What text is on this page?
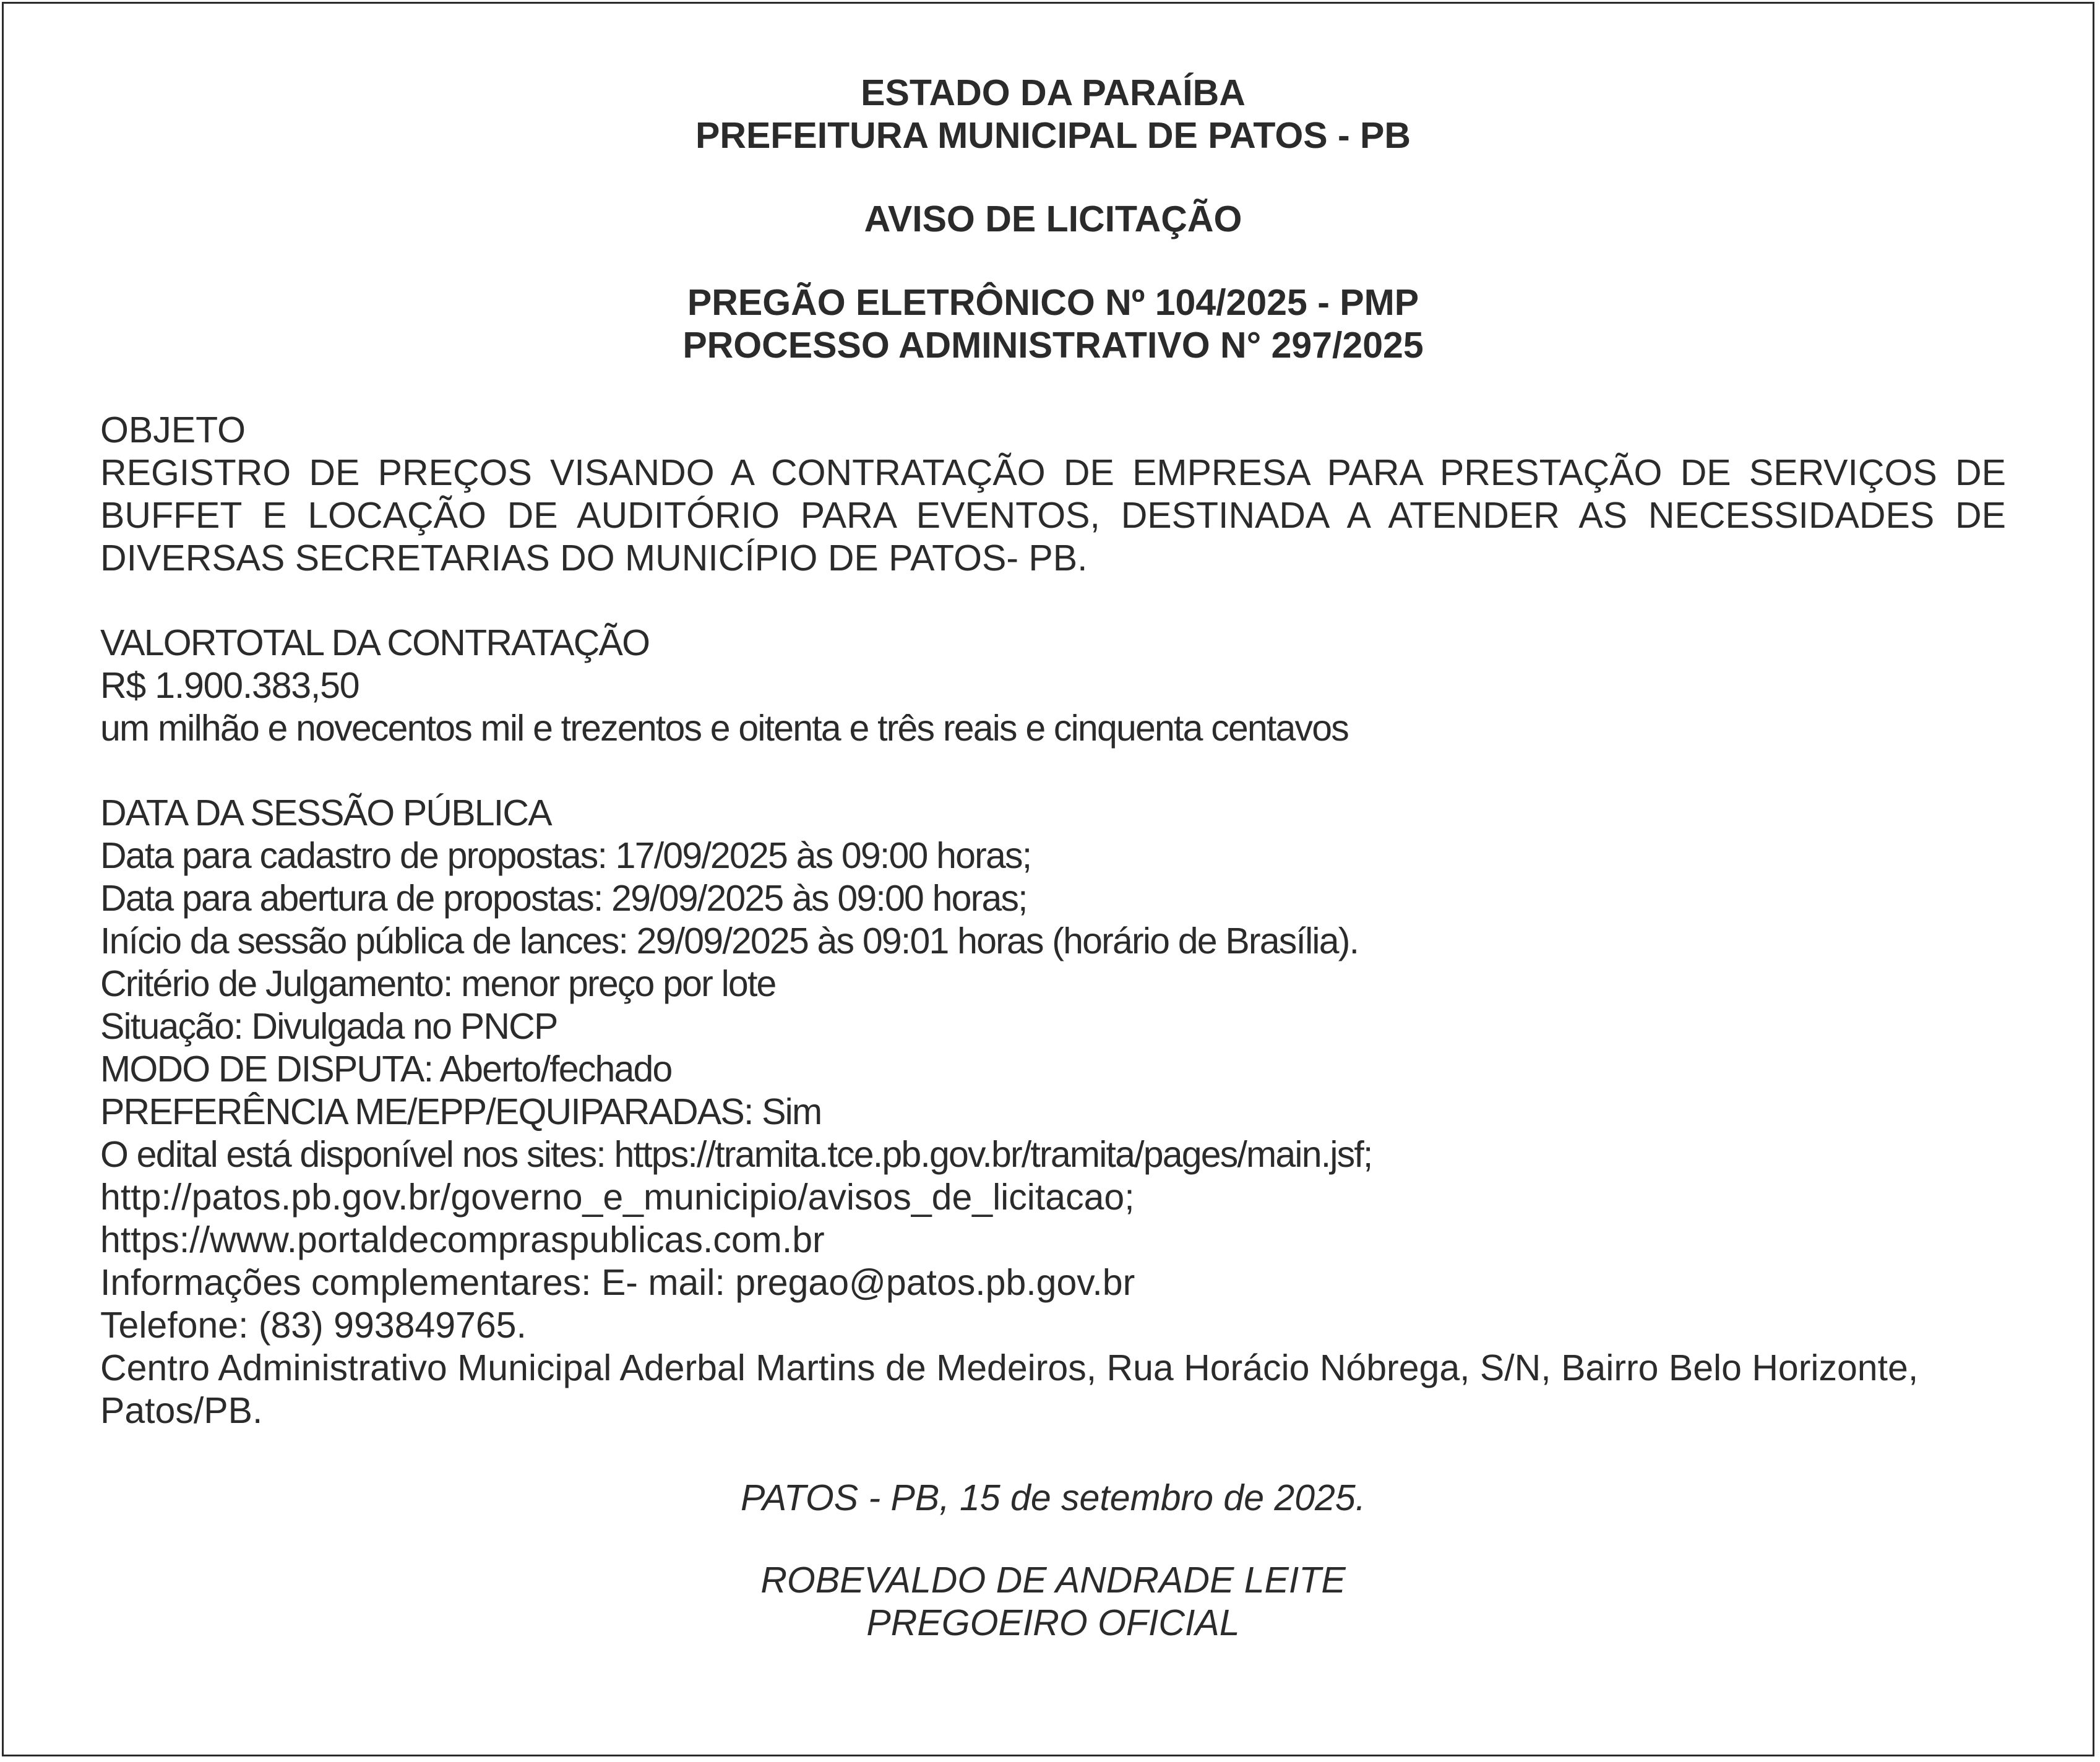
ESTADO DA PARAÍBA
PREFEITURA MUNICIPAL DE PATOS - PB
AVISO DE LICITAÇÃO
PREGÃO ELETRÔNICO Nº 104/2025 - PMP
PROCESSO ADMINISTRATIVO N° 297/2025
OBJETO
REGISTRO DE PREÇOS VISANDO A CONTRATAÇÃO DE EMPRESA PARA PRESTAÇÃO DE SERVIÇOS DE
BUFFET E LOCAÇÃO DE AUDITÓRIO PARA EVENTOS, DESTINADA A ATENDER AS NECESSIDADES DE
DIVERSAS SECRETARIAS DO MUNICÍPIO DE PATOS- PB.
VALORTOTAL DA CONTRATAÇÃO
R$ 1.900.383,50
um milhão e novecentos mil e trezentos e oitenta e três reais e cinquenta centavos
DATA DA SESSÃO PÚBLICA
Data para cadastro de propostas: 17/09/2025 às 09:00 horas;
Data para abertura de propostas: 29/09/2025 às 09:00 horas;
Início da sessão pública de lances: 29/09/2025 às 09:01 horas (horário de Brasília).
Critério de Julgamento: menor preço por lote
Situação: Divulgada no PNCP
MODO DE DISPUTA: Aberto/fechado
PREFERÊNCIA ME/EPP/EQUIPARADAS: Sim
O edital está disponível nos sites: https://tramita.tce.pb.gov.br/tramita/pages/main.jsf;
http://patos.pb.gov.br/governo_e_municipio/avisos_de_licitacao;
https://www.portaldecompraspublicas.com.br
Informações complementares: E- mail: pregao@patos.pb.gov.br
Telefone: (83) 993849765.
Centro Administrativo Municipal Aderbal Martins de Medeiros, Rua Horácio Nóbrega, S/N, Bairro Belo Horizonte,
Patos/PB.
PATOS - PB, 15 de setembro de 2025.
ROBEVALDO DE ANDRADE LEITE
PREGOEIRO OFICIAL
